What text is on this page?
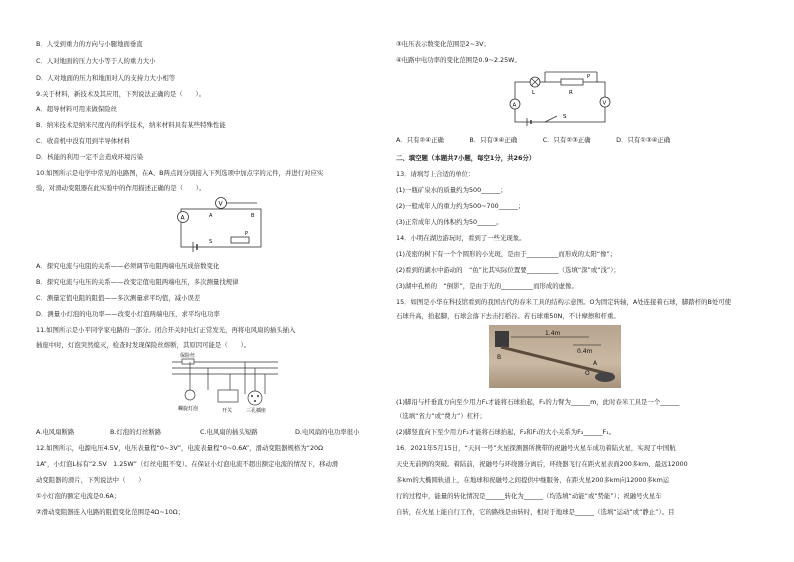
B．人受到重力的方向与小腿地面垂直
C．人对地面的压力大小等于人的重力大小
D．人对地面的压力和地面对人的支持力大小相等
9.关于材料，新技术及其应用，下列说法正确的是（　　）。
A．超导材料可用来做保险丝
B．纳米技术是纳米尺度内的科学技术，纳米材料具有某些特殊性能
C．收音机中没有用到半导体材料
D．核能的利用一定不会造成环境污染
10.如图所示是电学中常见的电路图，在A、B两点间分别接入下列选项中加点字的元件，并进行对应实
验，对滑动变阻器在此实验中的作用描述正确的是（　　）。
A
V
A	B
P
S
A．探究电流与电阻的关系——必须调节电阻两端电压成倍数变化
B．探究电流与电压的关系——改变定值电阻两端电压，多次测量找规律
C．测量定值电阻的阻值——多次测量求平均值，减小误差
D．测量小灯泡的电功率——改变小灯泡两端电压，求平均电功率
11.如图所示是小平同学家电路的一部分。闭合开关时电灯正常发光，再将电风扇的插头插入
插座中时，灯泡突然熄灭，检查时发现保险丝熔断，其原因可能是（　　）。
保险丝
螺旋灯泡	开关	三孔插座
A.电风扇断路	B.灯泡的灯丝断路	C.电风扇的插头短路	D.电风扇的电功率很小
12.如图所示，电源电压4.5V，电压表量程“0~3V”，电流表量程“0~0.6A”，滑动变阻器规格为“20Ω
1A”，小灯泡L标有“2.5V　1.25W”（灯丝电阻不变）。在保证小灯泡电流不超出额定电流的情况下，移动滑
动变阻器的滑片，下列说法中（　　）
①小灯泡的额定电流是0.6A；
②滑动变阻器连入电路的阻值变化范围是4Ω~10Ω；
③电压表示数变化范围是2~3V；
④电路中电功率的变化范围是0.9~2.25W。
L	R
P
A	V
S
A．只有②④正确　　　　B．只有③④正确　　　　C．只有②③正确　　　　D．只有①③④正确
二、填空题（本题共7小题，每空1分，共26分）
13．请填写上合适的单位：
(1)一瓶矿泉水的质量约为500______；
(2)一般成年人的重力约为500~700______；
(3)正常成年人的体积约为50______。
14．小明在湖边游玩时，看到了一些光现象。
(1)茂密的树下有一个个圆形的小光斑，是由于__________而形成的太阳“像”；
(2)看到的湖水中游动的　“鱼”比其实际位置要__________（选填“深”或“浅”）；
(3)湖中孔桥的　“倒影”，是由于光的__________而形成的虚像。
15．如图是小华在科技馆看到的我国古代的春米工具的结构示意图。O为固定转轴，A处连接着石球，脚踏杆的B处可使
石球升高，抬起脚，石球会落下去击打稻谷。若石球重50N，不计摩擦和杆重。
1.4m
0.4m
A
B
O
(1)脚沿与杆垂直方向至少用力F₁才能将石球抬起，F₁的力臂为______m，此时春米工具是一个______
（选填“省力”或“费力”）杠杆；
(2)脚竖直向下至少用力F₂才能将石球抬起，F₂和F₁的大小关系为F₂______F₁。
16．2021年5月15日，“天问一号”火星探测器所携带的祝融号火星车成功着陆火星，实现了中国航
天史无前例的突破。着陆前，祝融号与环绕器分离后，环绕器飞行在距火星表面200多km、最远12000
多km的大椭圆轨道上，在地球和祝融号之间提供中继服务，在距火星200多km向12000多km运
行的过程中，能量的转化情况是______转化为______（均选填“动能”或“势能”）；祝融号火星车
自转，在火星上能自行工作，它的路线是由转时，相对于地球是______（选填“运动”或“静止”）。目
